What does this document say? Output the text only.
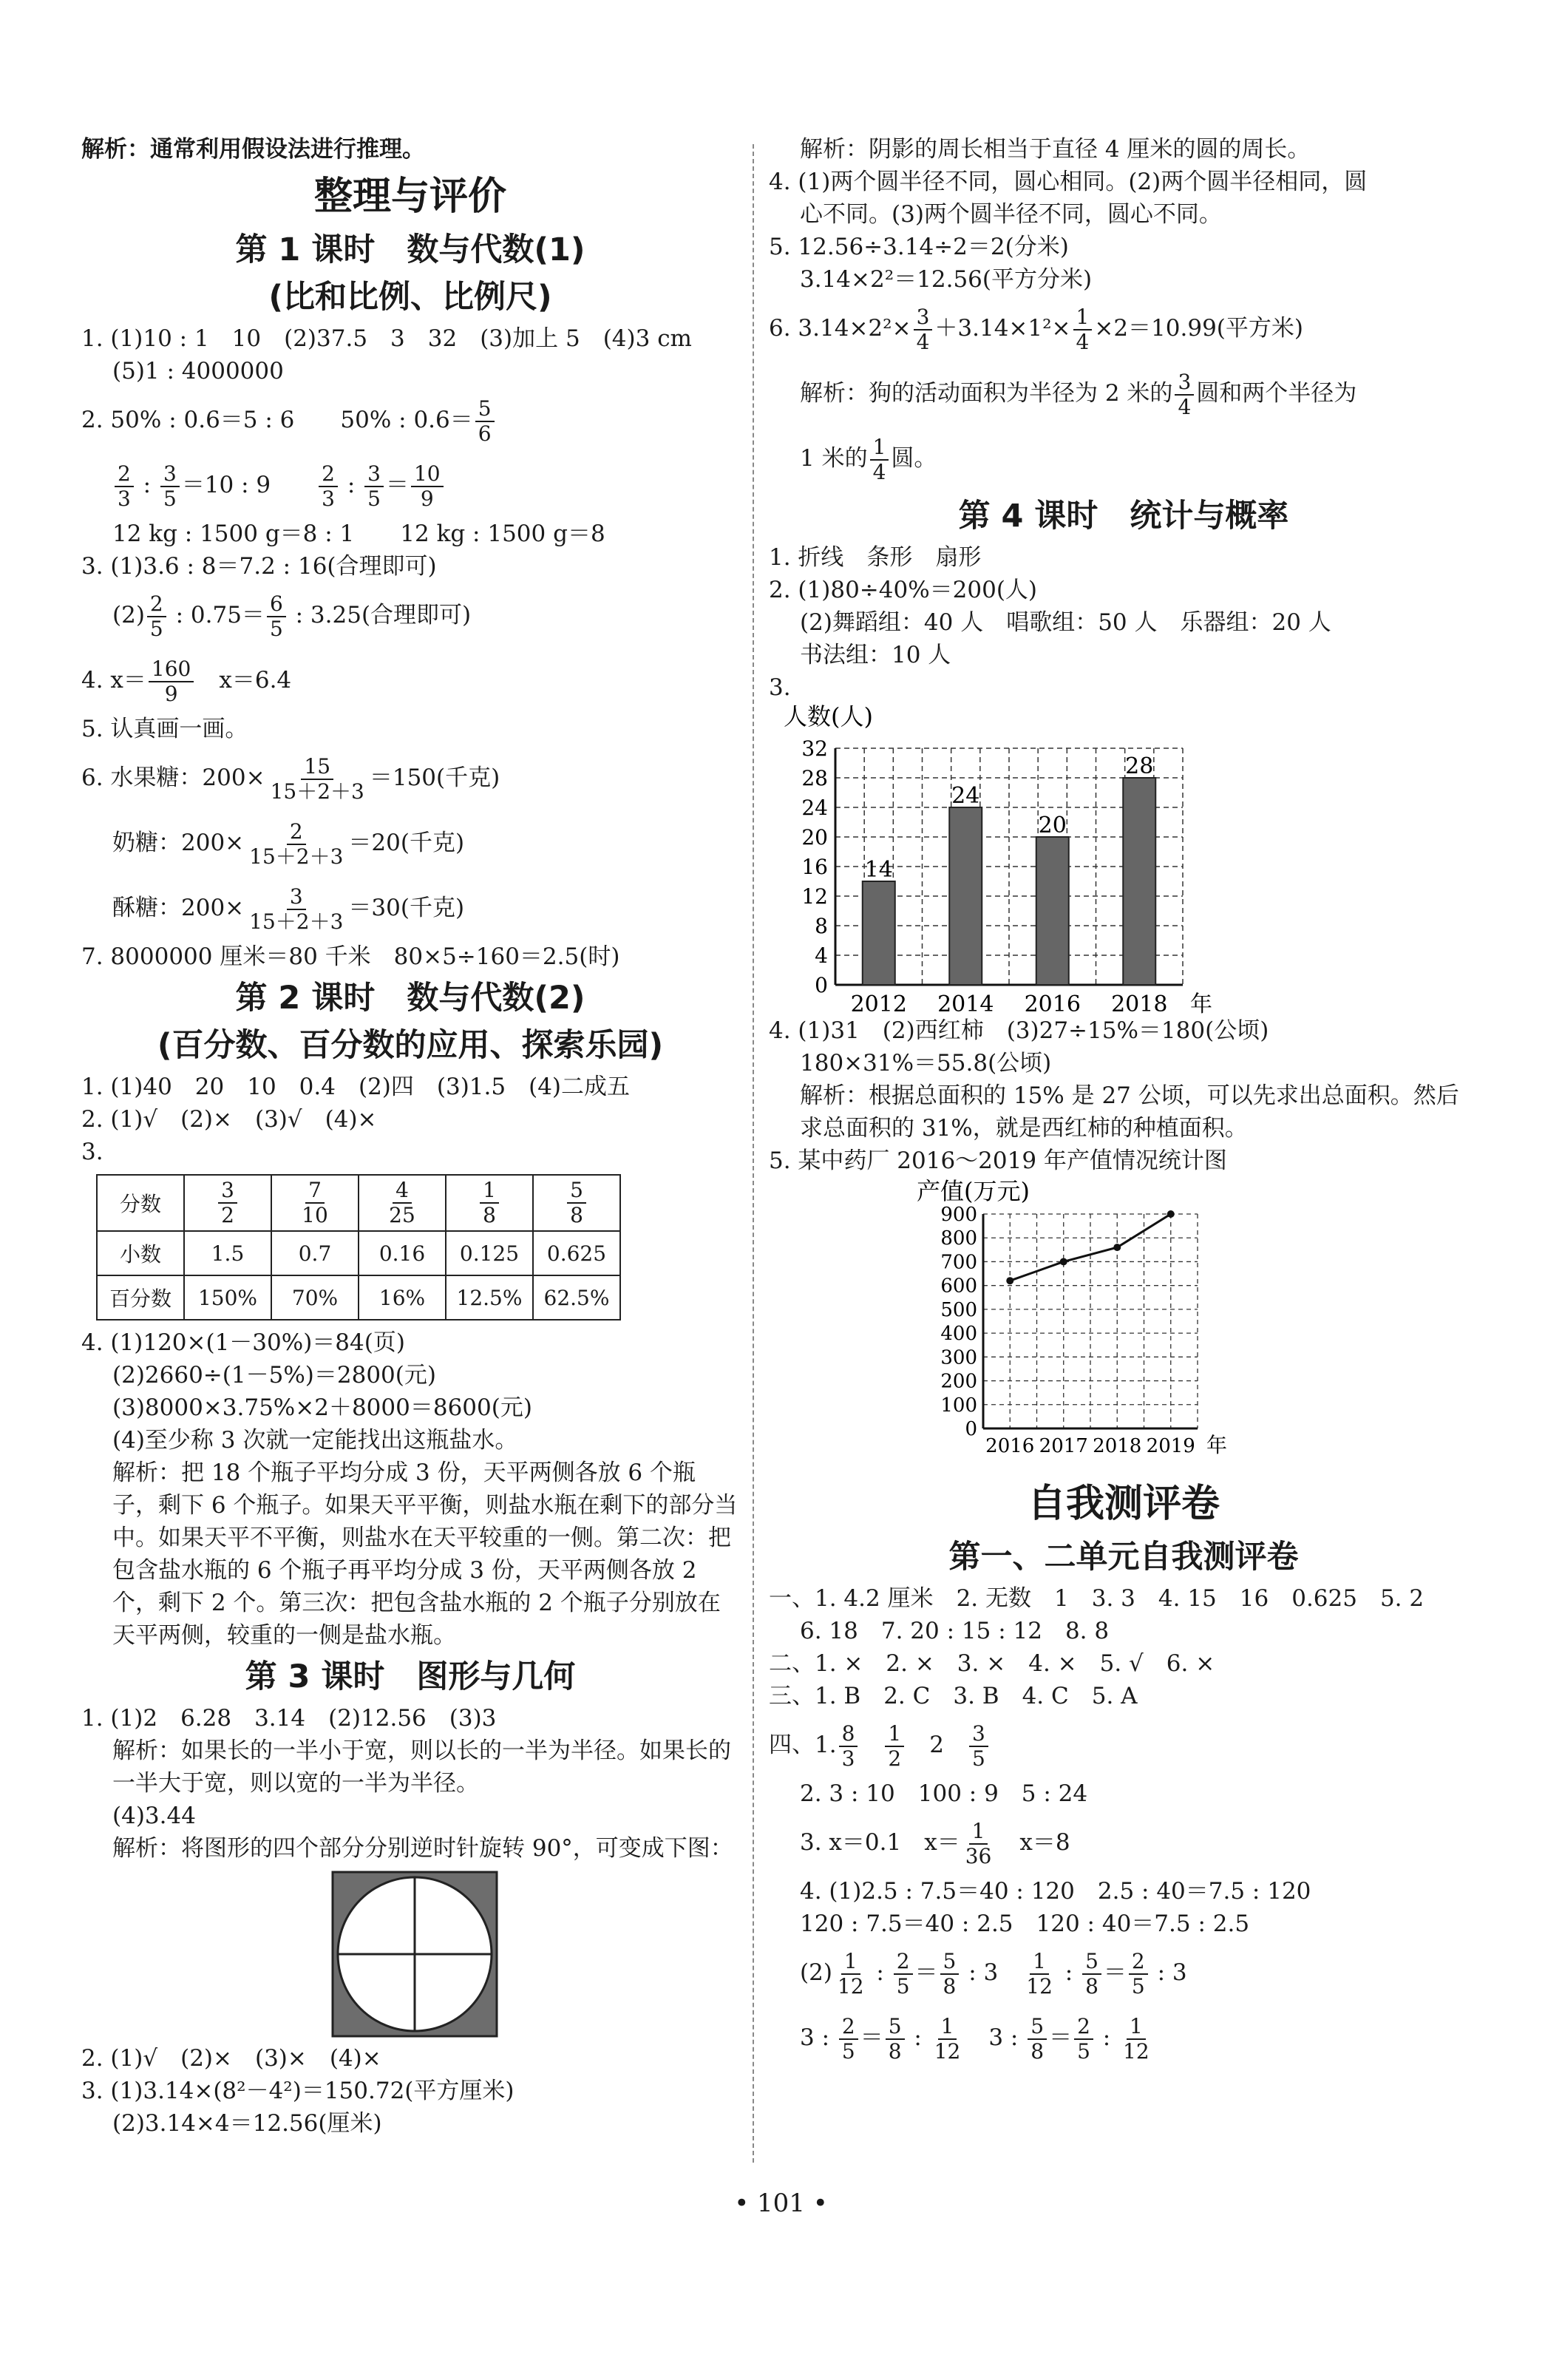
解析：通常利用假设法进行推理。
整理与评价
第 1 课时　数与代数(1)
(比和比例、比例尺)
1. (1)10 : 1　10　(2)37.5　3　32　(3)加上 5　(4)3 cm
(5)1 : 4000000
2. 50% : 0.6＝5 : 6　　50% : $0.6= \frac{5}{6}$
$\frac{2}{3}$ : $\frac{3}{5} =10$ : 9　　 $\frac{2}{3}$ : $\frac{3}{5} = \frac{10}{9}$
12 kg : 1500 g＝8 : 1　　12 kg : 1500 g＝8
3. (1)3.6 : 8＝7.2 : 16(合理即可)
$(2) \frac{2}{5}$ : $0.75= \frac{6}{5}$ : 3.25(合理即可)
4. $x= \frac{160}{9}$ 　x＝6.4
5. 认真画一画。
6. 水果糖：$200\times \frac{15}{15+2+3} =150$(千克)
奶糖：$200\times \frac{2}{15+2+3} =20$(千克)
酥糖：$200\times \frac{3}{15+2+3} =30$(千克)
7. 8000000 厘米＝80 千米　80×5÷160＝2.5(时)
第 2 课时　数与代数(2)
(百分数、百分数的应用、探索乐园)
1. (1)40　20　10　0.4　(2)四　(3)1.5　(4)二成五
2. (1)√　(2)×　(3)√　(4)×
3.
分数	$\frac{3}{2}$	$\frac{7}{10}$	$\frac{4}{25}$	$\frac{1}{8}$	$\frac{5}{8}$

小数	1.5	0.7	0.16	0.125	0.625
百分数	150%	70%	16%	12.5%	62.5%
4. (1)120×(1－30%)＝84(页)
(2)2660÷(1－5%)＝2800(元)
(3)8000×3.75%×2＋8000＝8600(元)
(4)至少称 3 次就一定能找出这瓶盐水。
解析：把 18 个瓶子平均分成 3 份，天平两侧各放 6 个瓶子，剩下 6 个瓶子。如果天平平衡，则盐水瓶在剩下的部分当中。如果天平不平衡，则盐水在天平较重的一侧。第二次：把包含盐水瓶的 6 个瓶子再平均分成 3 份，天平两侧各放 2 个，剩下 2 个。第三次：把包含盐水瓶的 2 个瓶子分别放在天平两侧，较重的一侧是盐水瓶。
第 3 课时　图形与几何
1. (1)2　6.28　3.14　(2)12.56　(3)3
解析：如果长的一半小于宽，则以长的一半为半径。如果长的一半大于宽，则以宽的一半为半径。
(4)3.44
解析：将图形的四个部分分别逆时针旋转 90°，可变成下图：
2. (1)√　(2)×　(3)×　(4)×
3. (1)3.14×(8²－4²)＝150.72(平方厘米)
(2)3.14×4＝12.56(厘米)
解析：阴影的周长相当于直径 4 厘米的圆的周长。
4. (1)两个圆半径不同，圆心相同。(2)两个圆半径相同，圆
心不同。(3)两个圆半径不同，圆心不同。
5. 12.56÷3.14÷2＝2(分米)
3.14×2²＝12.56(平方分米)
6. $3.14\times 2^2\times \frac{3}{4} +3.14\times 1^2\times \frac{1}{4} \times 2=10.99$(平方米)
解析：狗的活动面积为半径为 2 米的 $\frac{3}{4}$ 圆和两个半径为
1 米的 $\frac{1}{4}$ 圆。
第 4 课时　统计与概率
1. 折线　条形　扇形
2. (1)80÷40%＝200(人)
(2)舞蹈组：40 人　唱歌组：50 人　乐器组：20 人
书法组：10 人
3.
人数(人)
0
4
8
12
16
20
24
28
32
14
24
20
28
2012 2014 2016 2018 年
4. (1)31　(2)西红柿　(3)27÷15%＝180(公顷)
180×31%＝55.8(公顷)
解析：根据总面积的 15% 是 27 公顷，可以先求出总面积。然后求总面积的 31%，就是西红柿的种植面积。
5. 某中药厂 2016～2019 年产值情况统计图
产值(万元)
0
100
200
300
400
500
600
700
800
900
2016 2017 2018 2019 年
自我测评卷
第一、二单元自我测评卷
一、1. 4.2 厘米　2. 无数　1　3. 3　4. 15　16　0.625　5. 2
6. 18　7. 20 : 15 : 12　8. 8
二、1. ×　2. ×　3. ×　4. ×　5. √　6. ×
三、1. B　2. C　3. B　4. C　5. A
四、1. $\frac{8}{3}$
　 $\frac{1}{2}$
　 2　 $\frac{3}{5}$
2. 3 : 10　100 : 9　5 : 24
3. x＝0.1　$x= \frac{1}{36}$ 　x＝8
4. (1)2.5 : 7.5＝40 : 120　2.5 : 40＝7.5 : 120
120 : 7.5＝40 : 2.5　120 : 40＝7.5 : 2.5
$(2) \frac{1}{12}$ : $\frac{2}{5} = \frac{5}{8}$ : 3　 $\frac{1}{12}$ : $\frac{5}{8} = \frac{2}{5}$ : 3
3 : $\frac{2}{5} = \frac{5}{8}$ : $\frac{1}{12}$ 　3 : $\frac{5}{8} = \frac{2}{5}$ : $\frac{1}{12}$
• 101 •
